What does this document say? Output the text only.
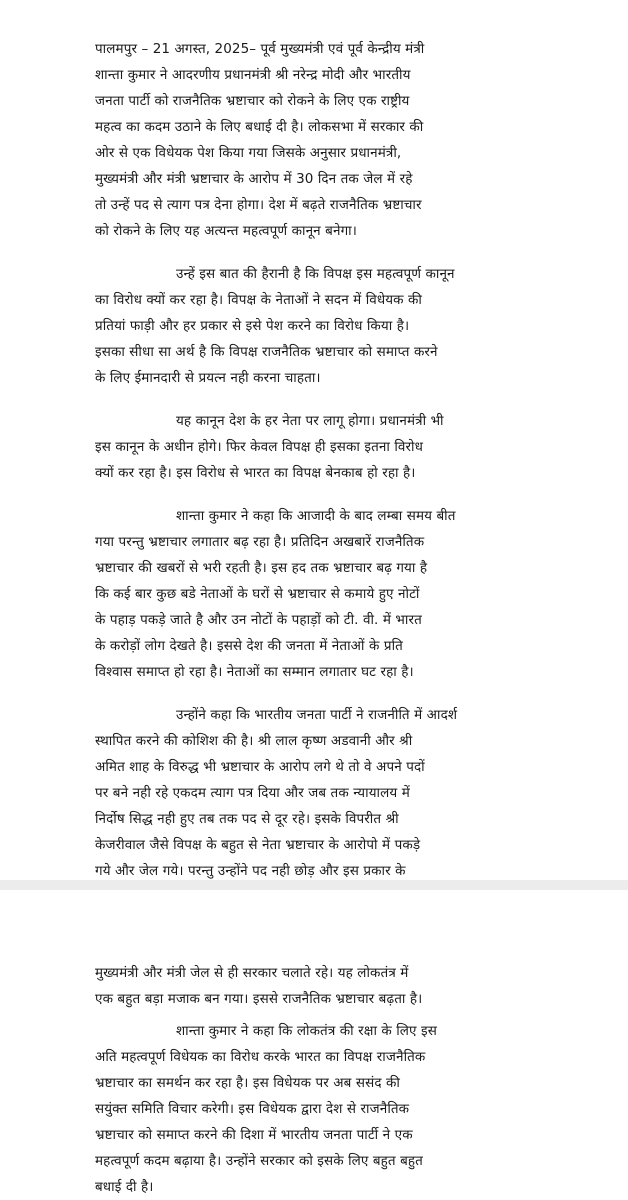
पालमपुर – 21 अगस्त, 2025– पूर्व मुख्यमंत्री एवं पूर्व केन्द्रीय मंत्री
शान्ता कुमार ने आदरणीय प्रधानमंत्री श्री नरेन्द्र मोदी और भारतीय
जनता पार्टी को राजनैतिक भ्रष्टाचार को रोकने के लिए एक राष्ट्रीय
महत्व का कदम उठाने के लिए बधाई दी है। लोकसभा में सरकार की
ओर से एक विधेयक पेश किया गया जिसके अनुसार प्रधानमंत्री,
मुख्यमंत्री और मंत्री भ्रष्टाचार के आरोप में 30 दिन तक जेल में रहे
तो उन्हें पद से त्याग पत्र देना होगा। देश में बढ़ते राजनैतिक भ्रष्टाचार
को रोकने के लिए यह अत्यन्त महत्वपूर्ण कानून बनेगा।
उन्हें इस बात की हैरानी है कि विपक्ष इस महत्वपूर्ण कानून
का विरोध क्यों कर रहा है। विपक्ष के नेताओं ने सदन में विधेयक की
प्रतियां फाड़ी और हर प्रकार से इसे पेश करने का विरोध किया है।
इसका सीधा सा अर्थ है कि विपक्ष राजनैतिक भ्रष्टाचार को समाप्त करने
के लिए ईमानदारी से प्रयत्न नही करना चाहता।
यह कानून देश के हर नेता पर लागू होगा। प्रधानमंत्री भी
इस कानून के अधीन होगे। फिर केवल विपक्ष ही इसका इतना विरोध
क्यों कर रहा है। इस विरोध से भारत का विपक्ष बेनकाब हो रहा है।
शान्ता कुमार ने कहा कि आजादी के बाद लम्बा समय बीत
गया परन्तु भ्रष्टाचार लगातार बढ़ रहा है। प्रतिदिन अखबारें राजनैतिक
भ्रष्टाचार की खबरों से भरी रहती है। इस हद तक भ्रष्टाचार बढ़ गया है
कि कई बार कुछ बडे नेताओं के घरों से भ्रष्टाचार से कमाये हुए नोटों
के पहाड़ पकड़े जाते है और उन नोटों के पहाड़ों को टी. वी. में भारत
के करोड़ों लोग देखते है। इससे देश की जनता में नेताओं के प्रति
विश्वास समाप्त हो रहा है। नेताओं का सम्मान लगातार घट रहा है।
उन्होंने कहा कि भारतीय जनता पार्टी ने राजनीति में आदर्श
स्थापित करने की कोशिश की है। श्री लाल कृष्ण अडवानी और श्री
अमित शाह के विरुद्ध भी भ्रष्टाचार के आरोप लगे थे तो वे अपने पदों
पर बने नही रहे एकदम त्याग पत्र दिया और जब तक न्यायालय में
निर्दोष सिद्ध नही हुए तब तक पद से दूर रहे। इसके विपरीत श्री
केजरीवाल जैसे विपक्ष के बहुत से नेता भ्रष्टाचार के आरोपो में पकड़े
गये और जेल गये। परन्तु उन्होंने पद नही छोड़ और इस प्रकार के
मुख्यमंत्री और मंत्री जेल से ही सरकार चलाते रहे। यह लोकतंत्र में
एक बहुत बड़ा मजाक बन गया। इससे राजनैतिक भ्रष्टाचार बढ़ता है।
शान्ता कुमार ने कहा कि लोकतंत्र की रक्षा के लिए इस
अति महत्वपूर्ण विधेयक का विरोध करके भारत का विपक्ष राजनैतिक
भ्रष्टाचार का समर्थन कर रहा है। इस विधेयक पर अब ससंद की
सयुंक्त समिति विचार करेगी। इस विधेयक द्वारा देश से राजनैतिक
भ्रष्टाचार को समाप्त करने की दिशा में भारतीय जनता पार्टी ने एक
महत्वपूर्ण कदम बढ़ाया है। उन्होंने सरकार को इसके लिए बहुत बहुत
बधाई दी है।
